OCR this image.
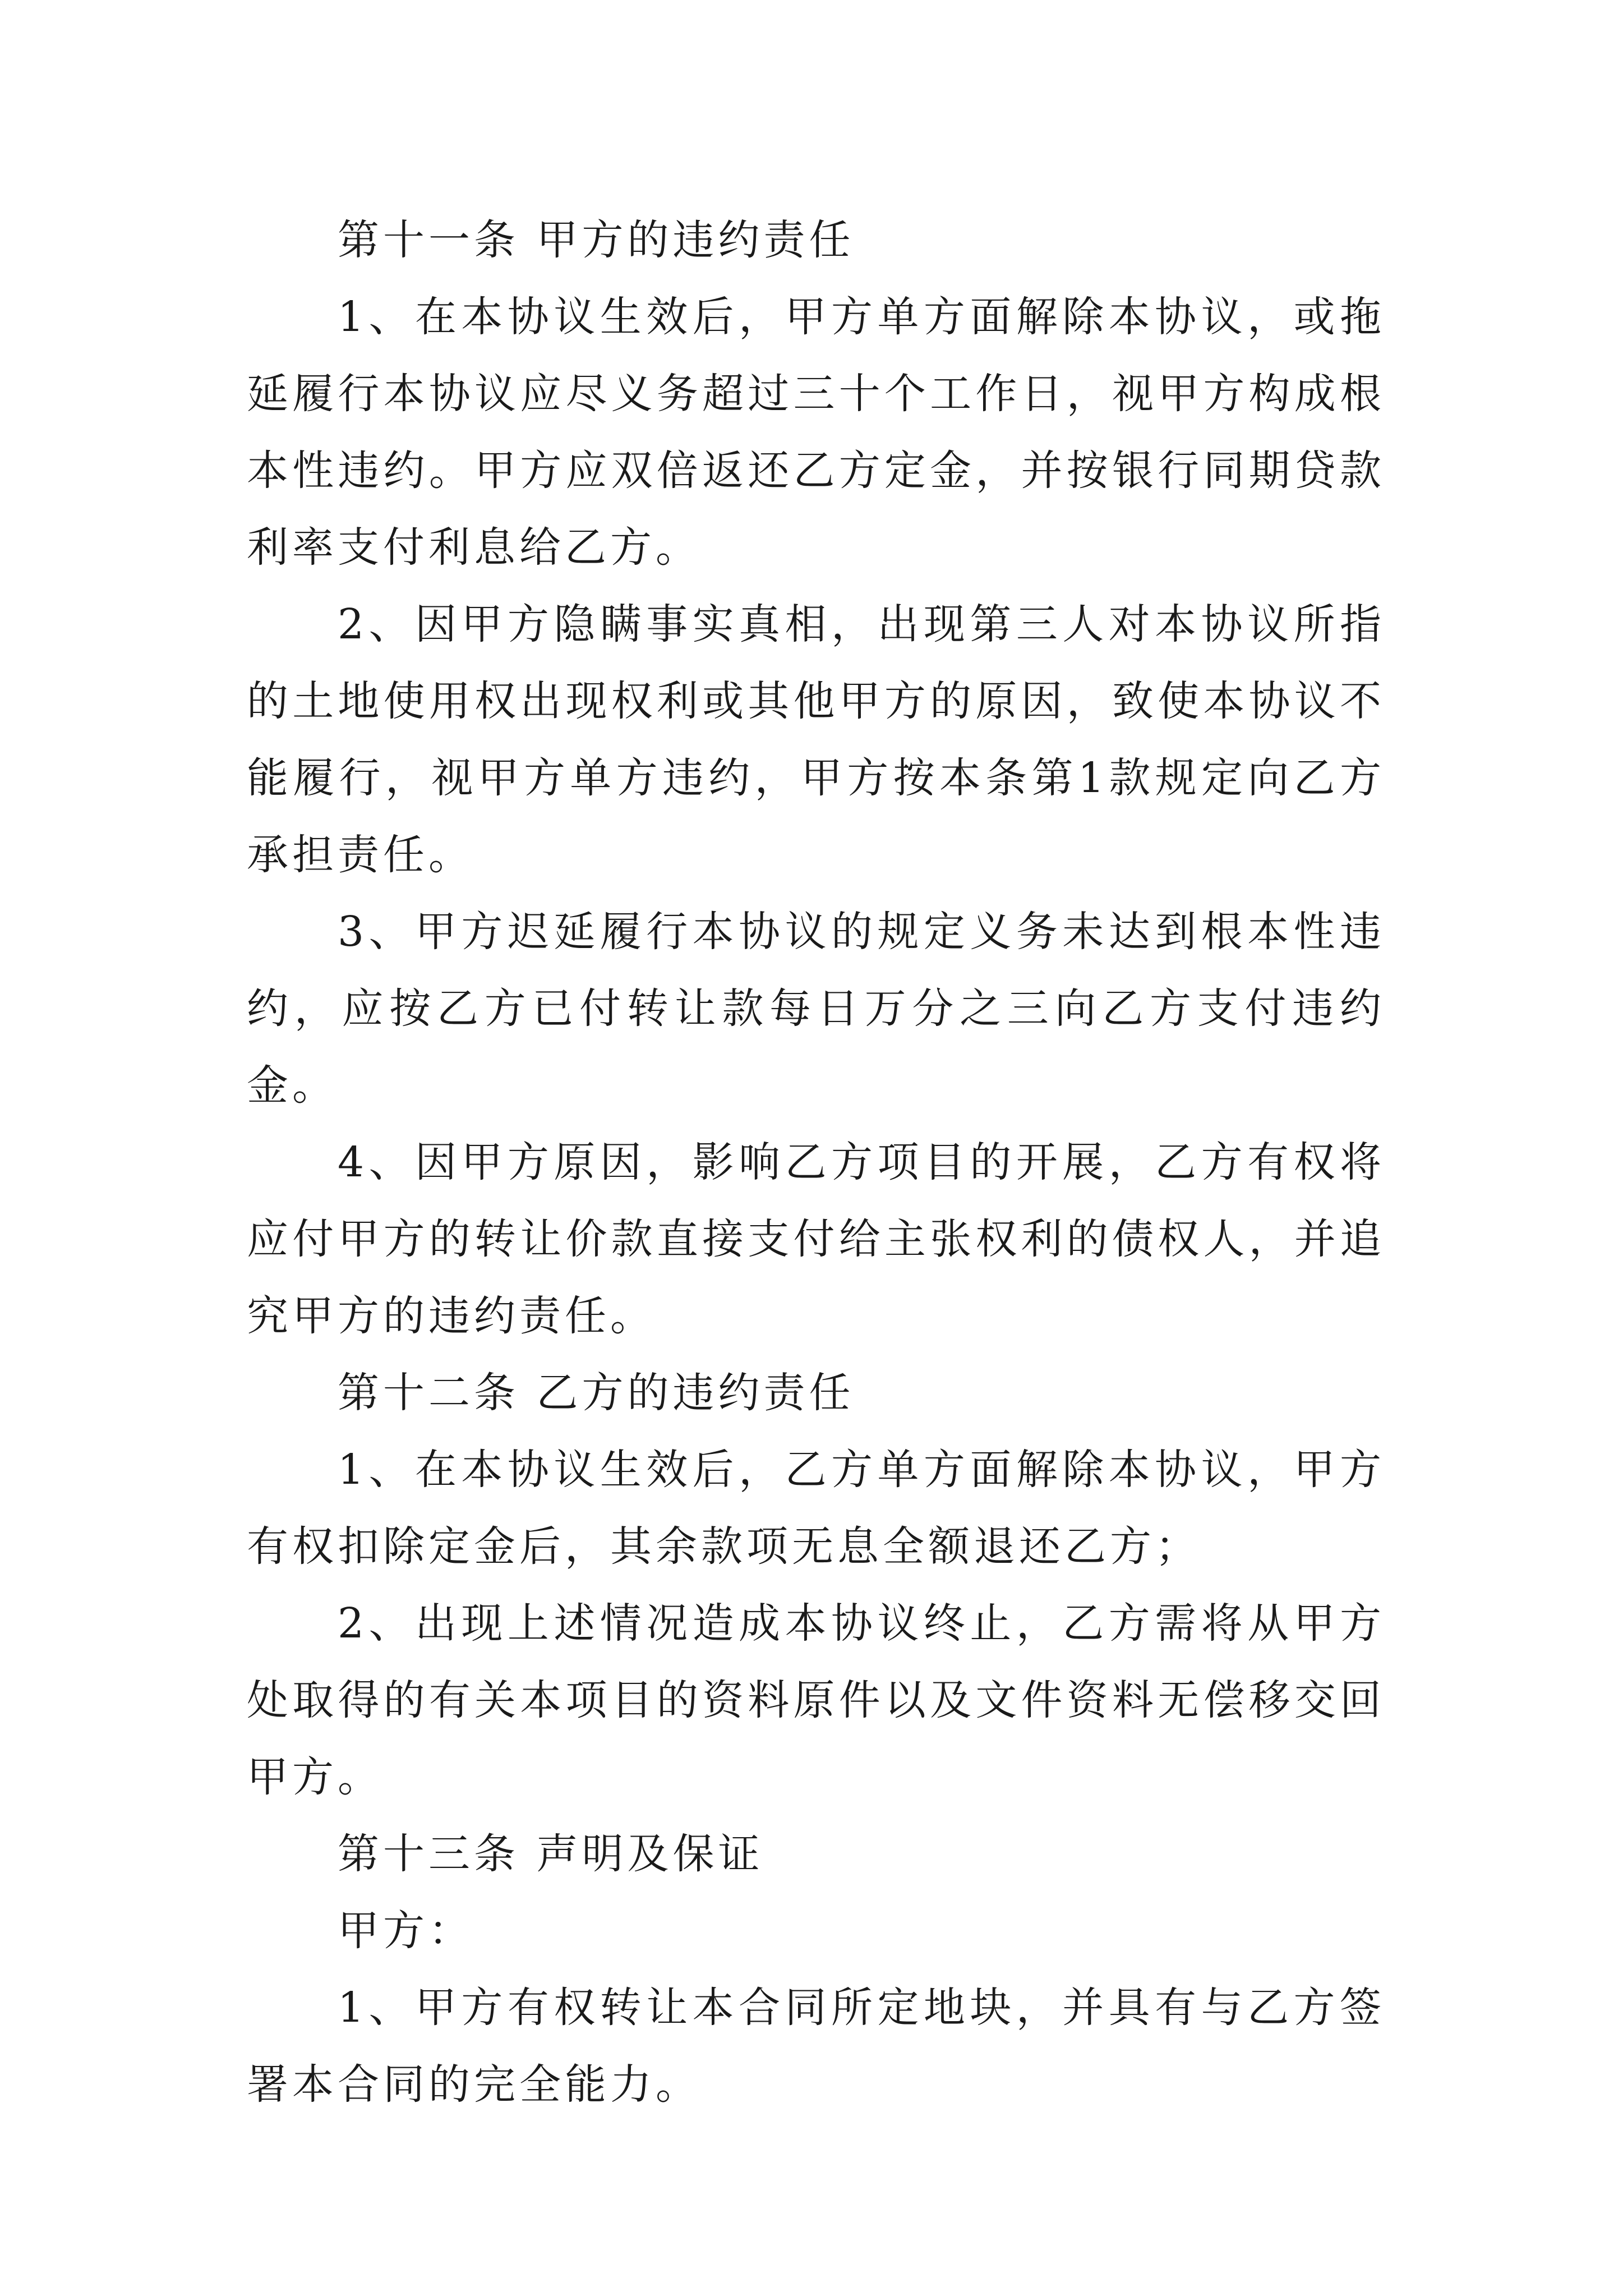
第十一条 甲方的违约责任

1、在本协议生效后，甲方单方面解除本协议，或拖延履行本协议应尽义务超过三十个工作日，视甲方构成根本性违约。甲方应双倍返还乙方定金，并按银行同期贷款利率支付利息给乙方。

2、因甲方隐瞒事实真相，出现第三人对本协议所指的土地使用权出现权利或其他甲方的原因，致使本协议不能履行，视甲方单方违约，甲方按本条第1款规定向乙方承担责任。

3、甲方迟延履行本协议的规定义务未达到根本性违约，应按乙方已付转让款每日万分之三向乙方支付违约金。

4、因甲方原因，影响乙方项目的开展，乙方有权将应付甲方的转让价款直接支付给主张权利的债权人，并追究甲方的违约责任。

第十二条 乙方的违约责任

1、在本协议生效后，乙方单方面解除本协议，甲方有权扣除定金后，其余款项无息全额退还乙方；

2、出现上述情况造成本协议终止，乙方需将从甲方处取得的有关本项目的资料原件以及文件资料无偿移交回甲方。

第十三条 声明及保证

甲方：

1、甲方有权转让本合同所定地块，并具有与乙方签署本合同的完全能力。
